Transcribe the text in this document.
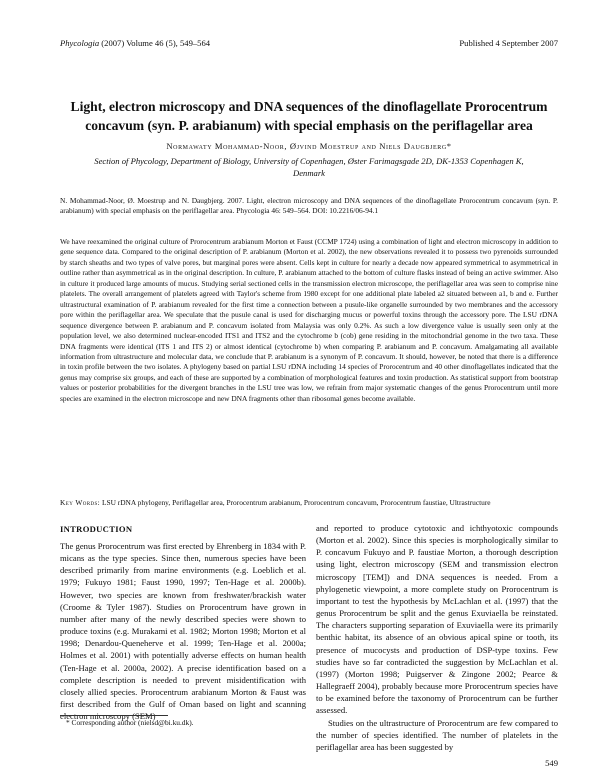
Phycologia (2007) Volume 46 (5), 549–564	Published 4 September 2007
Light, electron microscopy and DNA sequences of the dinoflagellate Prorocentrum concavum (syn. P. arabianum) with special emphasis on the periflagellar area
Normawaty Mohammad-Noor, Øjvind Moestrup and Niels Daugbjerg*
Section of Phycology, Department of Biology, University of Copenhagen, Øster Farimagsgade 2D, DK-1353 Copenhagen K, Denmark
N. Mohammad-Noor, Ø. Moestrup and N. Daugbjerg. 2007. Light, electron microscopy and DNA sequences of the dinoflagellate Prorocentrum concavum (syn. P. arabianum) with special emphasis on the periflagellar area. Phycologia 46: 549–564. DOI: 10.2216/06-94.1
We have reexamined the original culture of Prorocentrum arabianum Morton et Faust (CCMP 1724) using a combination of light and electron microscopy in addition to gene sequence data. Compared to the original description of P. arabianum (Morton et al. 2002), the new observations revealed it to possess two pyrenoids surrounded by starch sheaths and two types of valve pores, but marginal pores were absent. Cells kept in culture for nearly a decade now appeared symmetrical to asymmetrical in outline rather than asymmetrical as in the original description. In culture, P. arabianum attached to the bottom of culture flasks instead of being an active swimmer. Also in culture it produced large amounts of mucus. Studying serial sectioned cells in the transmission electron microscope, the periflagellar area was seen to comprise nine platelets. The overall arrangement of platelets agreed with Taylor's scheme from 1980 except for one additional plate labeled a2 situated between a1, b and e. Further ultrastructural examination of P. arabianum revealed for the first time a connection between a pusule-like organelle surrounded by two membranes and the accessory pore within the periflagellar area. We speculate that the pusule canal is used for discharging mucus or powerful toxins through the accessory pore. The LSU rDNA sequence divergence between P. arabianum and P. concavum isolated from Malaysia was only 0.2%. As such a low divergence value is usually seen only at the population level, we also determined nuclear-encoded ITS1 and ITS2 and the cytochrome b (cob) gene residing in the mitochondrial genome in the two taxa. These DNA fragments were identical (ITS 1 and ITS 2) or almost identical (cytochrome b) when comparing P. arabianum and P. concavum. Amalgamating all available information from ultrastructure and molecular data, we conclude that P. arabianum is a synonym of P. concavum. It should, however, be noted that there is a difference in toxin profile between the two isolates. A phylogeny based on partial LSU rDNA including 14 species of Prorocentrum and 40 other dinoflagellates indicated that the genus may comprise six groups, and each of these are supported by a combination of morphological features and toxin production. As statistical support from bootstrap values or posterior probabilities for the divergent branches in the LSU tree was low, we refrain from major systematic changes of the genus Prorocentrum until more species are examined in the electron microscope and new DNA fragments other than ribosomal genes become available.
Key Words: LSU rDNA phylogeny, Periflagellar area, Prorocentrum arabianum, Prorocentrum concavum, Prorocentrum faustiae, Ultrastructure
INTRODUCTION

The genus Prorocentrum was first erected by Ehrenberg in 1834 with P. micans as the type species. Since then, numerous species have been described primarily from marine environments (e.g. Loeblich et al. 1979; Fukuyo 1981; Faust 1990, 1997; Ten-Hage et al. 2000b). However, two species are known from freshwater/brackish water (Croome & Tyler 1987). Studies on Prorocentrum have grown in number after many of the newly described species were shown to produce toxins (e.g. Murakami et al. 1982; Morton 1998; Morton et al 1998; Denardou-Queneherve et al. 1999; Ten-Hage et al. 2000a; Holmes et al. 2001) with potentially adverse effects on human health (Ten-Hage et al. 2000a, 2002). A precise identification based on a complete description is needed to prevent misidentification with closely allied species. Prorocentrum arabianum Morton & Faust was first described from the Gulf of Oman based on light and scanning electron microscopy (SEM)

and reported to produce cytotoxic and ichthyotoxic compounds (Morton et al. 2002). Since this species is morphologically similar to P. concavum Fukuyo and P. faustiae Morton, a thorough description using light, electron microscopy (SEM and transmission electron microscopy [TEM]) and DNA sequences is needed. From a phylogenetic viewpoint, a more complete study on Prorocentrum is important to test the hypothesis by McLachlan et al. (1997) that the genus Prorocentrum be split and the genus Exuviaella be reinstated. The characters supporting separation of Exuviaella were its primarily benthic habitat, its absence of an obvious apical spine or tooth, its presence of mucocysts and production of DSP-type toxins. Few studies have so far contradicted the suggestion by McLachlan et al. (1997) (Morton 1998; Puigserver & Zingone 2002; Pearce & Hallegraeff 2004), probably because more Prorocentrum species have to be examined before the taxonomy of Prorocentrum can be further assessed.

Studies on the ultrastructure of Prorocentrum are few compared to the number of species identified. The number of platelets in the periflagellar area has been suggested by

* Corresponding author (nielsd@bi.ku.dk).
549
